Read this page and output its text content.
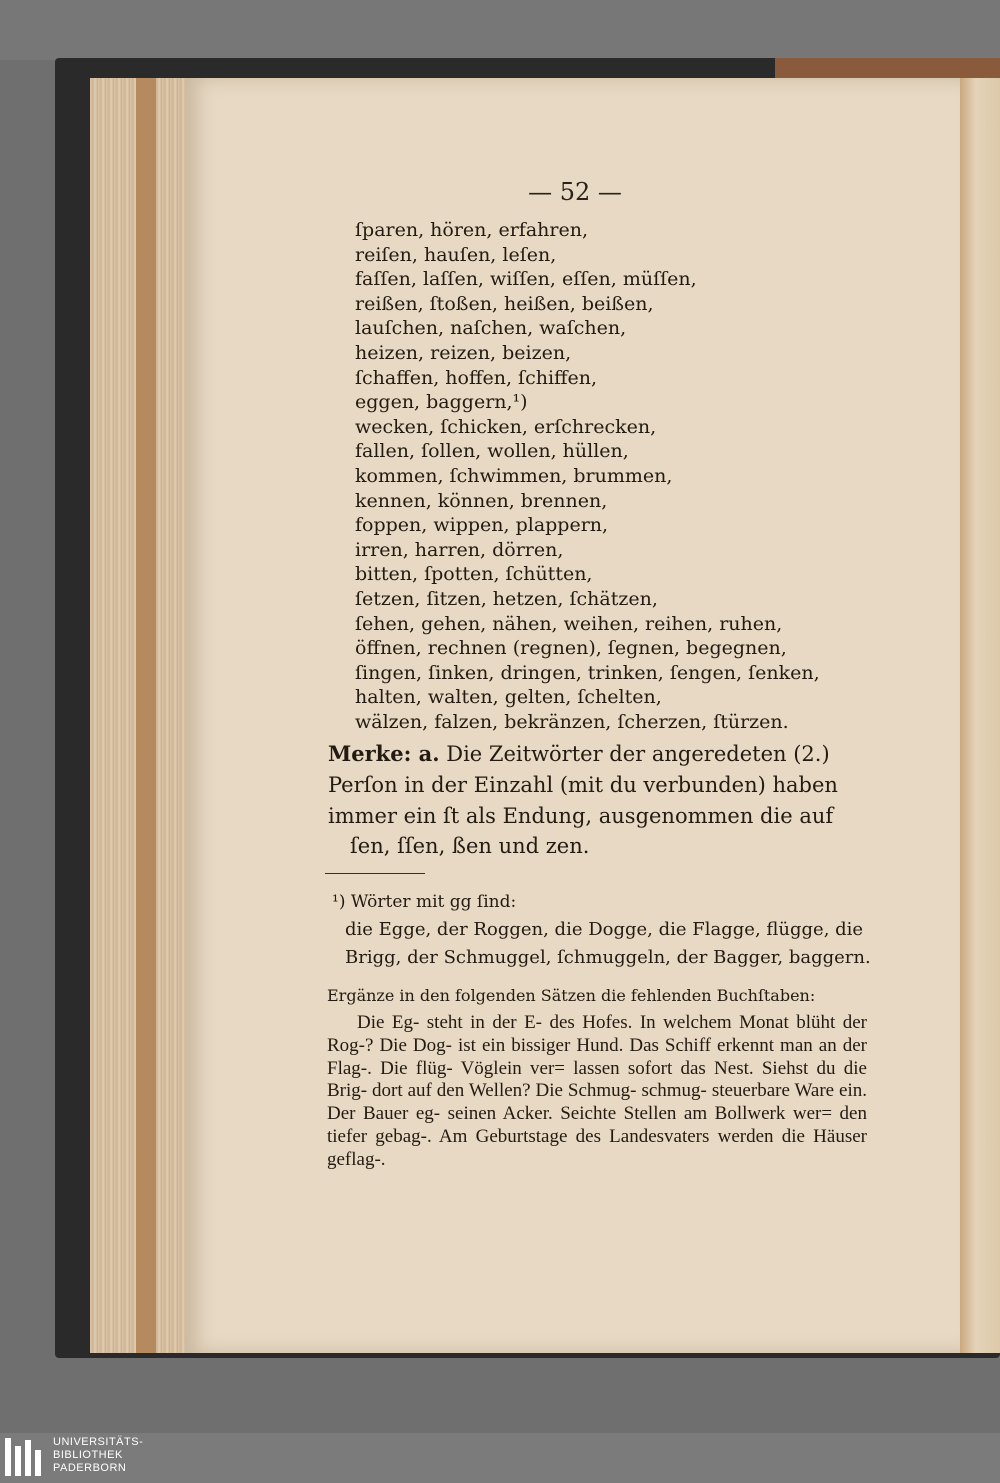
— 52 —
ſparen, hören, erfahren,
reiſen, hauſen, leſen,
faſſen, laſſen, wiſſen, eſſen, müſſen,
reißen, ſtoßen, heißen, beißen,
lauſchen, naſchen, waſchen,
heizen, reizen, beizen,
ſchaffen, hoffen, ſchiffen,
eggen, baggern,¹)
wecken, ſchicken, erſchrecken,
fallen, ſollen, wollen, hüllen,
kommen, ſchwimmen, brummen,
kennen, können, brennen,
foppen, wippen, plappern,
irren, harren, dörren,
bitten, ſpotten, ſchütten,
ſetzen, ſitzen, hetzen, ſchätzen,
ſehen, gehen, nähen, weihen, reihen, ruhen,
öffnen, rechnen (regnen), ſegnen, begegnen,
ſingen, ſinken, dringen, trinken, ſengen, ſenken,
halten, walten, gelten, ſchelten,
wälzen, falzen, bekränzen, ſcherzen, ſtürzen.
Merke: a. Die Zeitwörter der angeredeten (2.) Perſon in der Einzahl (mit du verbunden) haben immer ein ſt als Endung, ausgenommen die auf
ſen, ſſen, ßen und zen.
¹) Wörter mit gg ſind:
die Egge, der Roggen, die Dogge, die Flagge, flügge, die Brigg, der Schmuggel, ſchmuggeln, der Bagger, baggern.
Ergänze in den folgenden Sätzen die fehlenden Buchſtaben:

Die Eg- steht in der E- des Hofes. In welchem Monat blüht der Rog-? Die Dog- ist ein bissiger Hund. Das Schiff erkennt man an der Flag-. Die flüg- Vöglein ver= lassen sofort das Nest. Siehst du die Brig- dort auf den Wellen? Die Schmug- schmug- steuerbare Ware ein. Der Bauer eg- seinen Acker. Seichte Stellen am Bollwerk wer= den tiefer gebag-. Am Geburtstage des Landesvaters werden die Häuser geflag-.

UNIVERSITÄTS-
BIBLIOTHEK
PADERBORN
